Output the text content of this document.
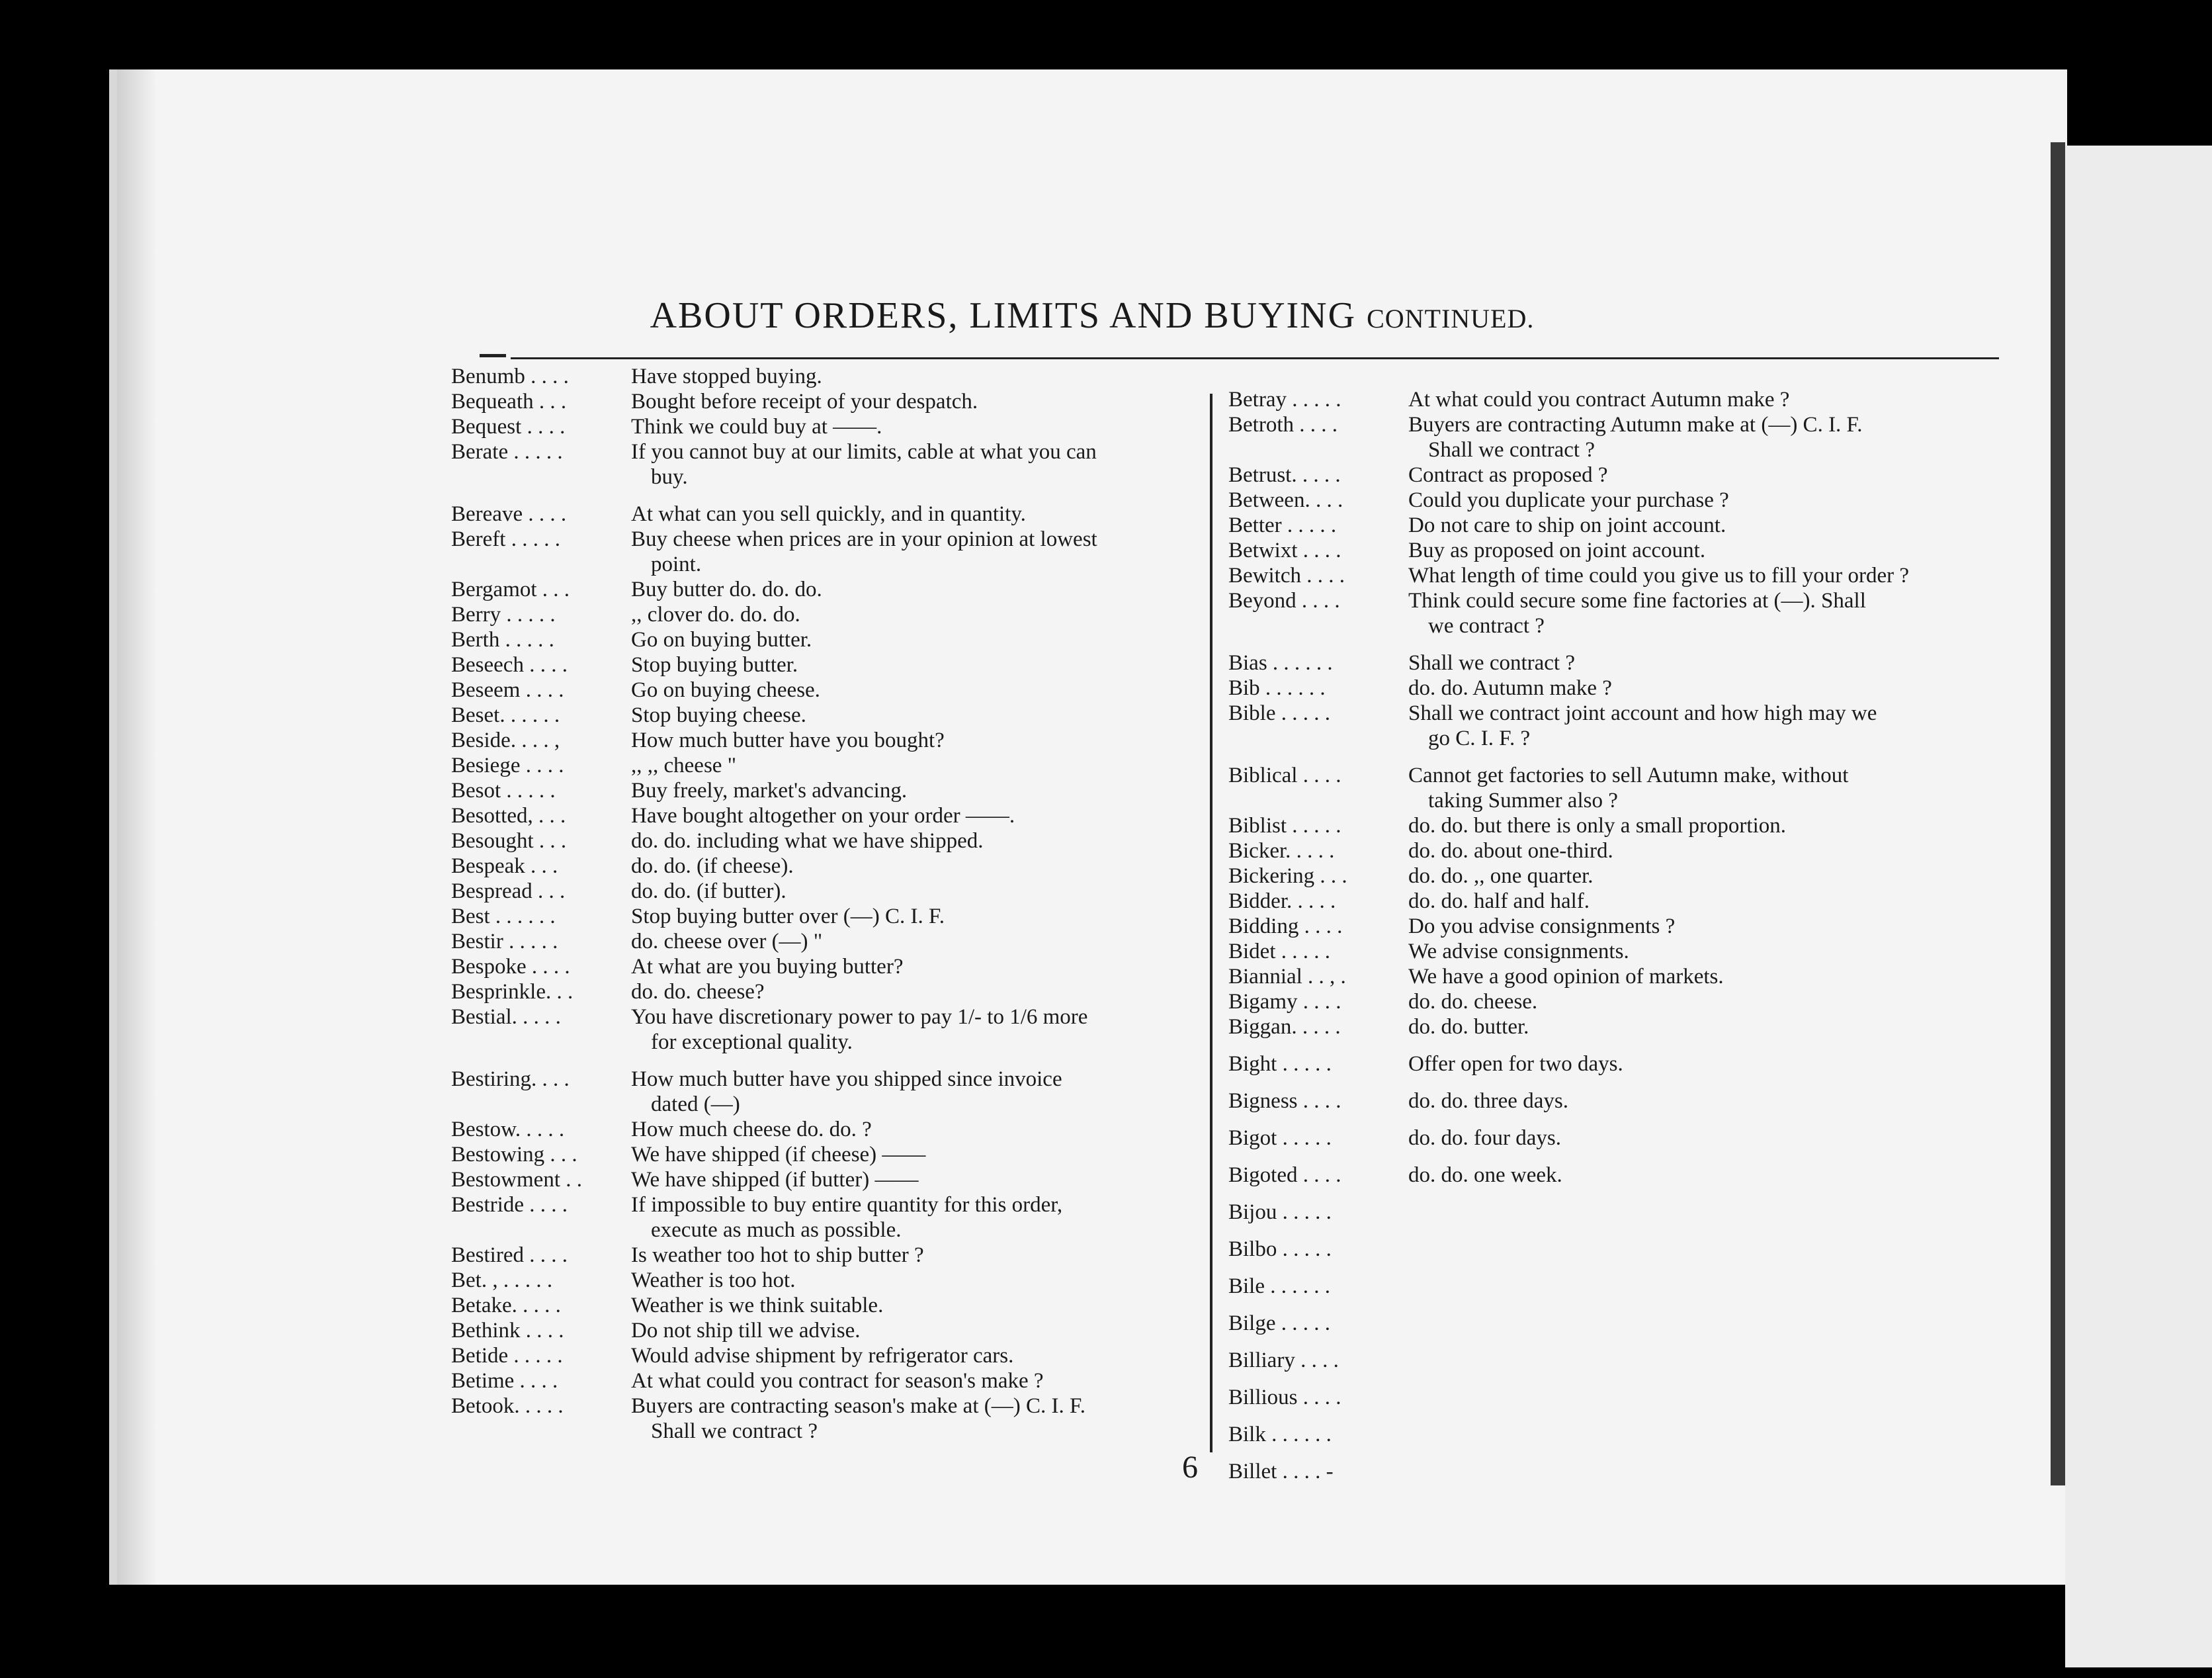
ABOUT ORDERS, LIMITS AND BUYING CONTINUED.
Benumb . . . .	Have stopped buying.
Bequeath . . .	Bought before receipt of your despatch.
Bequest . . . .	Think we could buy at ——.
Berate . . . . .	If you cannot buy at our limits, cable at what you can
buy.
Bereave . . . .	At what can you sell quickly, and in quantity.
Bereft . . . . .	Buy cheese when prices are in your opinion at lowest
point.
Bergamot . . .	Buy butter do. do. do.
Berry . . . . .	,, clover do. do. do.
Berth . . . . .	Go on buying butter.
Beseech . . . .	Stop buying butter.
Beseem . . . .	Go on buying cheese.
Beset. . . . . .	Stop buying cheese.
Beside. . . . ,	How much butter have you bought?
Besiege . . . .	,, ,, cheese "
Besot . . . . .	Buy freely, market's advancing.
Besotted, . . .	Have bought altogether on your order ——.
Besought . . .	do. do. including what we have shipped.
Bespeak . . .	do. do. (if cheese).
Bespread . . .	do. do. (if butter).
Best . . . . . .	Stop buying butter over (—) C. I. F.
Bestir . . . . .	do. cheese over (—) "
Bespoke . . . .	At what are you buying butter?
Besprinkle. . .	do. do. cheese?
Bestial. . . . .	You have discretionary power to pay 1/- to 1/6 more
for exceptional quality.
Bestiring. . . .	How much butter have you shipped since invoice
dated (—)
Bestow. . . . .	How much cheese do. do. ?
Bestowing . . .	We have shipped (if cheese) ——
Bestowment . .	We have shipped (if butter) ——
Bestride . . . .	If impossible to buy entire quantity for this order,
execute as much as possible.
Bestired . . . .	Is weather too hot to ship butter ?
Bet. , . . . . .	Weather is too hot.
Betake. . . . .	Weather is we think suitable.
Bethink . . . .	Do not ship till we advise.
Betide . . . . .	Would advise shipment by refrigerator cars.
Betime . . . .	At what could you contract for season's make ?
Betook. . . . .	Buyers are contracting season's make at (—) C. I. F.
Shall we contract ?
Betray . . . . .	At what could you contract Autumn make ?
Betroth . . . .	Buyers are contracting Autumn make at (—) C. I. F.
Shall we contract ?
Betrust. . . . .	Contract as proposed ?
Between. . . .	Could you duplicate your purchase ?
Better . . . . .	Do not care to ship on joint account.
Betwixt . . . .	Buy as proposed on joint account.
Bewitch . . . .	What length of time could you give us to fill your order ?
Beyond . . . .	Think could secure some fine factories at (—). Shall
we contract ?
Bias . . . . . .	Shall we contract ?
Bib . . . . . .	do. do. Autumn make ?
Bible . . . . .	Shall we contract joint account and how high may we
go C. I. F. ?
Biblical . . . .	Cannot get factories to sell Autumn make, without
taking Summer also ?
Biblist . . . . .	do. do. but there is only a small proportion.
Bicker. . . . .	do. do. about one-third.
Bickering . . .	do. do. ,, one quarter.
Bidder. . . . .	do. do. half and half.
Bidding . . . .	Do you advise consignments ?
Bidet . . . . .	We advise consignments.
Biannial . . , .	We have a good opinion of markets.
Bigamy . . . .	do. do. cheese.
Biggan. . . . .	do. do. butter.
Bight . . . . .	Offer open for two days.
Bigness . . . .	do. do. three days.
Bigot . . . . .	do. do. four days.
Bigoted . . . .	do. do. one week.
Bijou . . . . .
Bilbo . . . . .
Bile . . . . . .
Bilge . . . . .
Billiary . . . .
Billious . . . .
Bilk . . . . . .
Billet . . . . -
6
